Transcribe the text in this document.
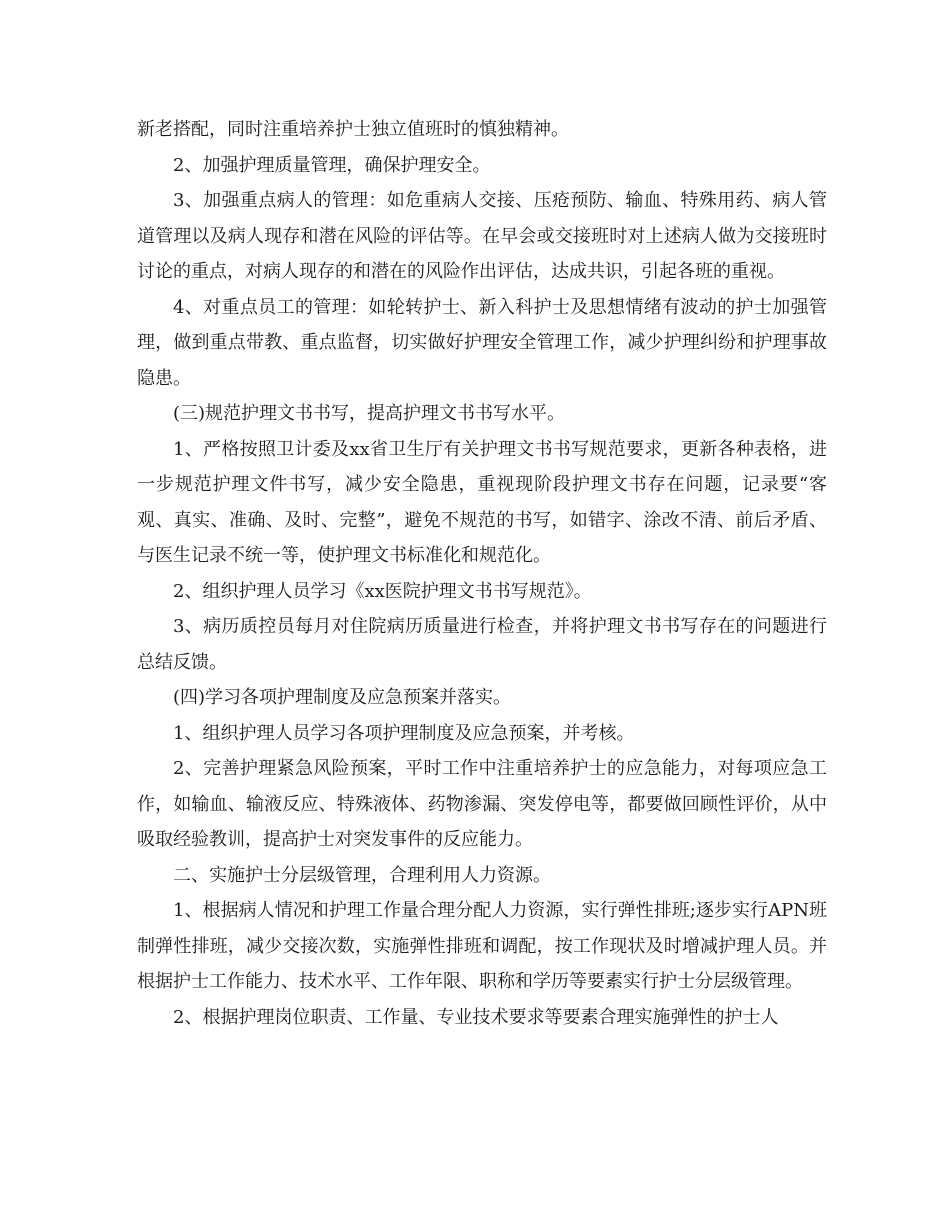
新老搭配，同时注重培养护士独立值班时的慎独精神。

2、加强护理质量管理，确保护理安全。

3、加强重点病人的管理：如危重病人交接、压疮预防、输血、特殊用药、病人管道管理以及病人现存和潜在风险的评估等。在早会或交接班时对上述病人做为交接班时讨论的重点，对病人现存的和潜在的风险作出评估，达成共识，引起各班的重视。

4、对重点员工的管理：如轮转护士、新入科护士及思想情绪有波动的护士加强管理，做到重点带教、重点监督，切实做好护理安全管理工作，减少护理纠纷和护理事故隐患。

(三)规范护理文书书写，提高护理文书书写水平。

1、严格按照卫计委及xx省卫生厅有关护理文书书写规范要求，更新各种表格，进一步规范护理文件书写，减少安全隐患，重视现阶段护理文书存在问题，记录要“客观、真实、准确、及时、完整”，避免不规范的书写，如错字、涂改不清、前后矛盾、与医生记录不统一等，使护理文书标准化和规范化。

2、组织护理人员学习《xx医院护理文书书写规范》。

3、病历质控员每月对住院病历质量进行检查，并将护理文书书写存在的问题进行总结反馈。

(四)学习各项护理制度及应急预案并落实。

1、组织护理人员学习各项护理制度及应急预案，并考核。

2、完善护理紧急风险预案，平时工作中注重培养护士的应急能力，对每项应急工作，如输血、输液反应、特殊液体、药物渗漏、突发停电等，都要做回顾性评价，从中吸取经验教训，提高护士对突发事件的反应能力。

二、实施护士分层级管理，合理利用人力资源。

1、根据病人情况和护理工作量合理分配人力资源，实行弹性排班;逐步实行APN班制弹性排班，减少交接次数，实施弹性排班和调配，按工作现状及时增减护理人员。并根据护士工作能力、技术水平、工作年限、职称和学历等要素实行护士分层级管理。

2、根据护理岗位职责、工作量、专业技术要求等要素合理实施弹性的护士人
